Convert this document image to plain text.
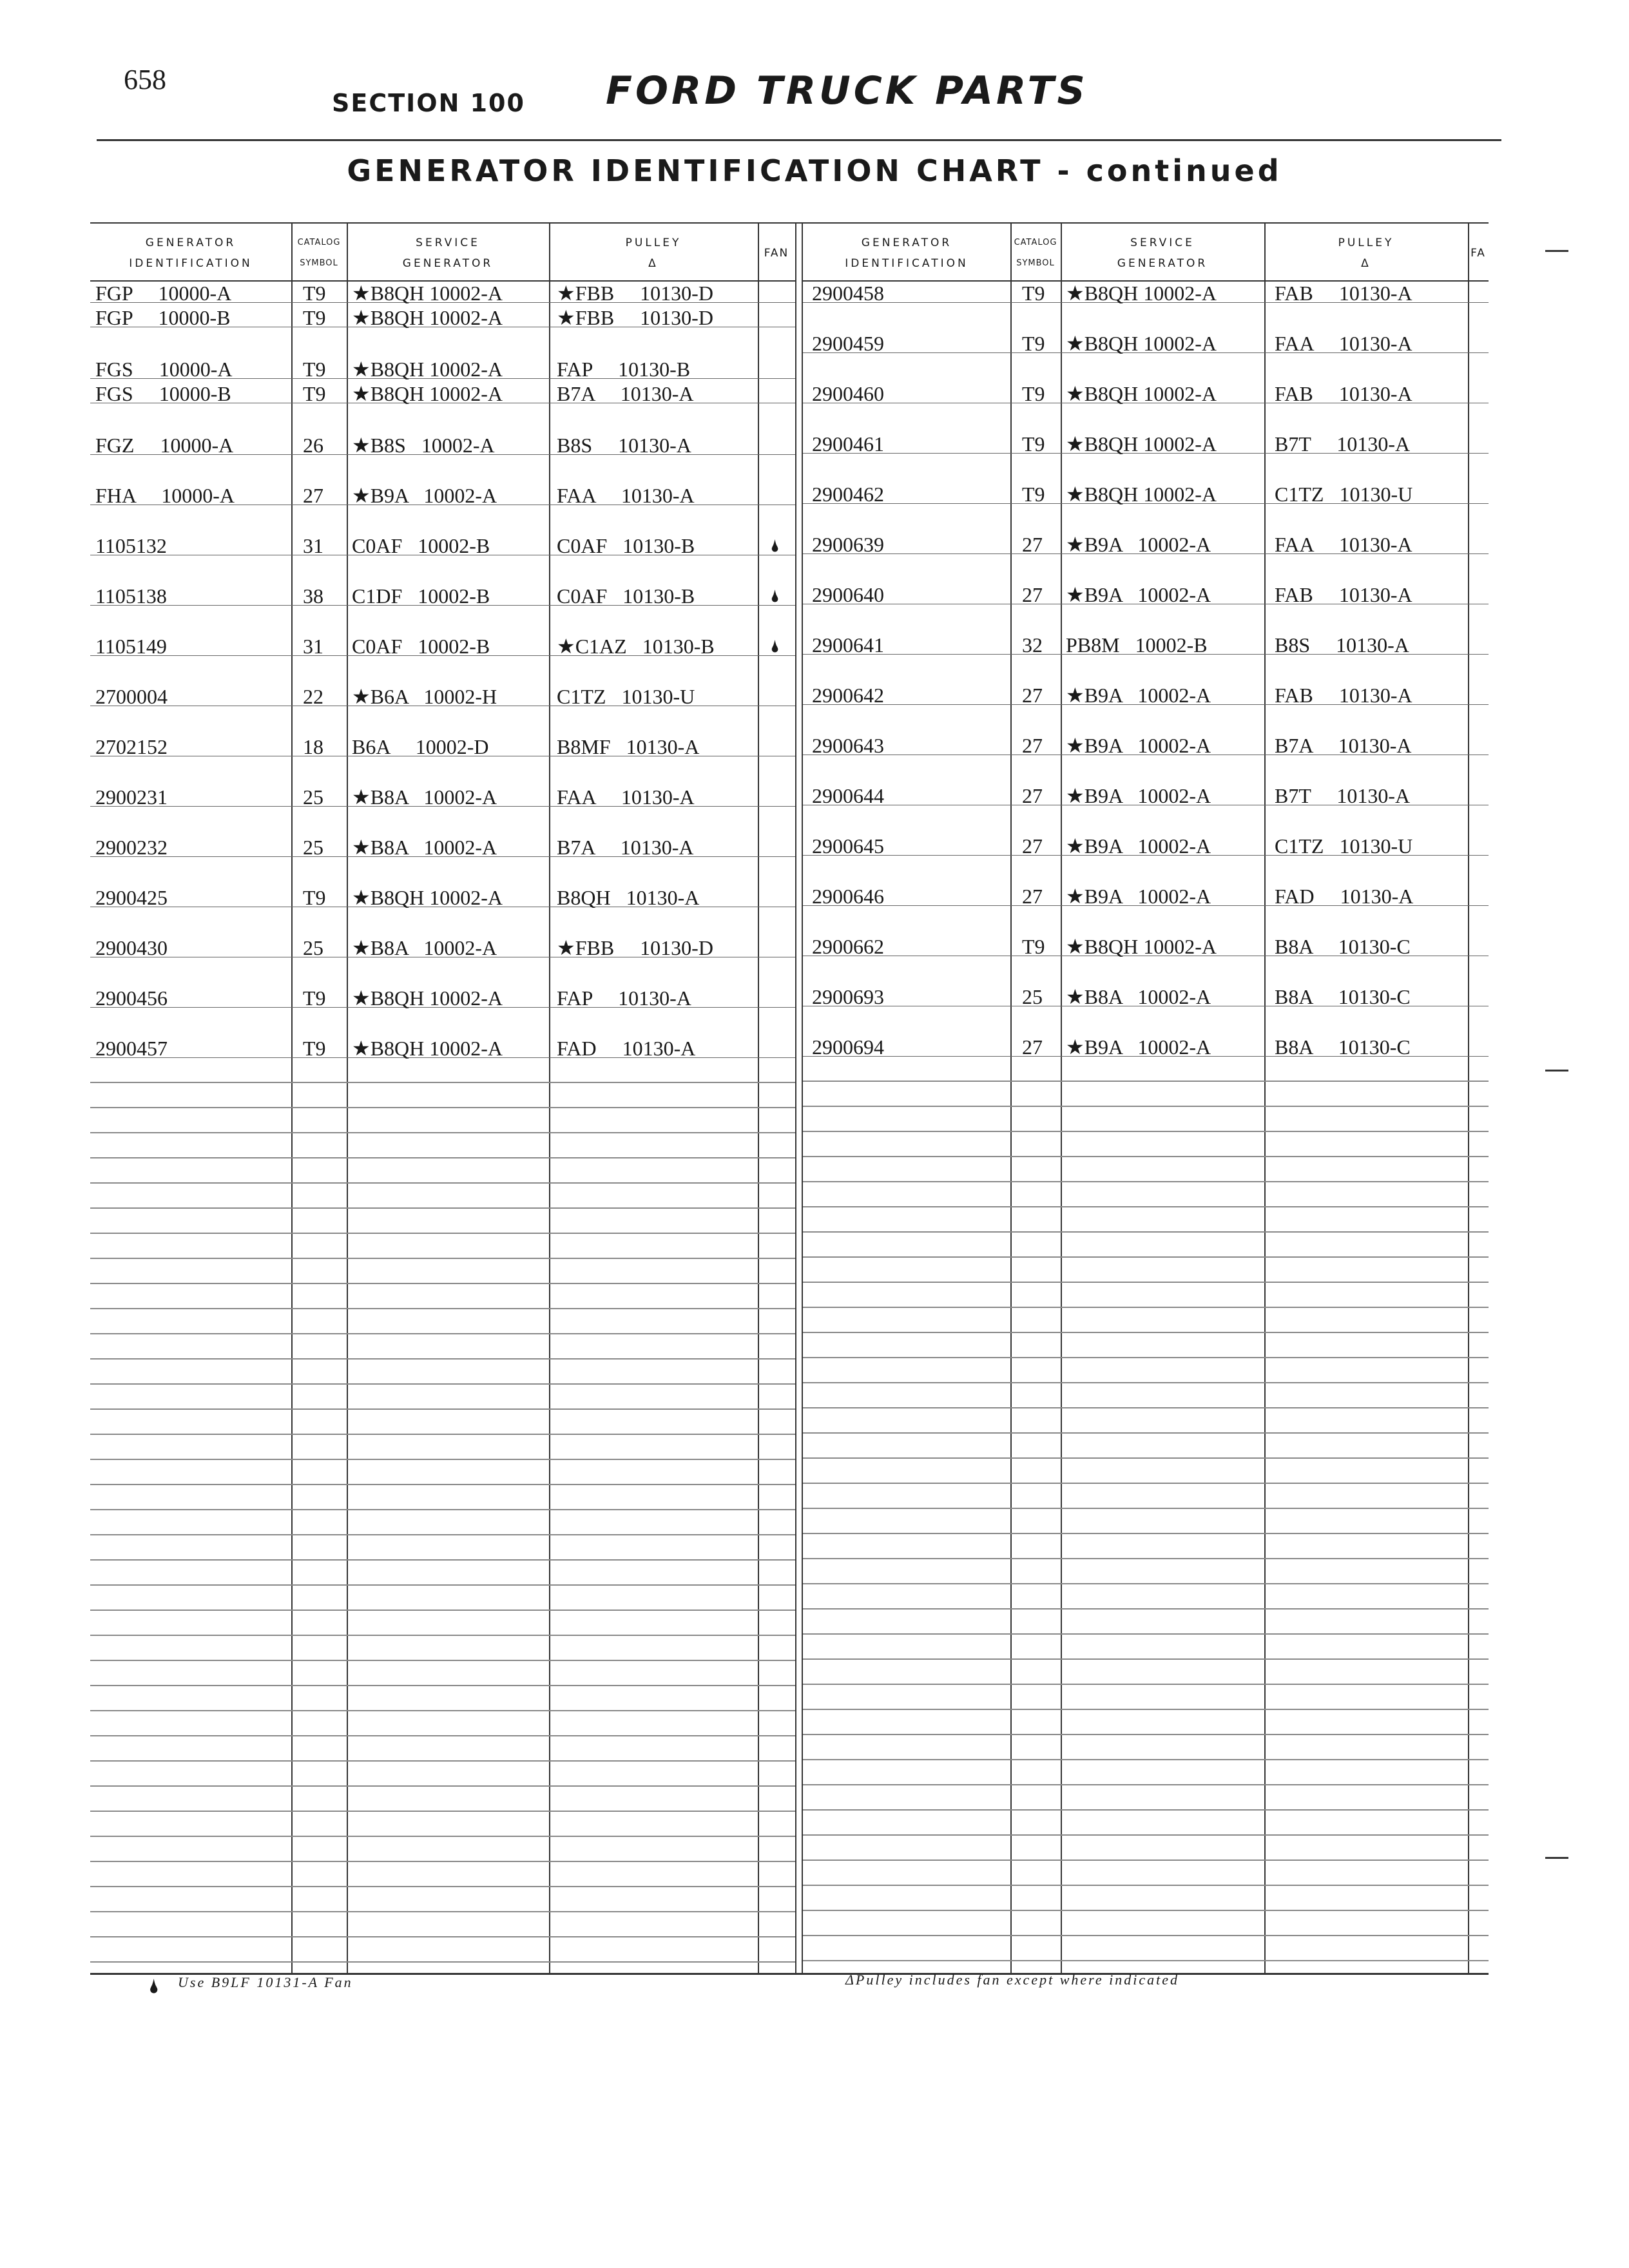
658
SECTION 100 FORD TRUCK PARTS
GENERATOR IDENTIFICATION CHART - continued
GENERATOR
IDENTIFICATION
CATALOG
SYMBOL
SERVICE
GENERATOR
PULLEY
Δ
FAN
FGP     10000-A	T9 ★B8QH 10002-A	★FBB     10130-D
FGP     10000-B	T9 ★B8QH 10002-A	★FBB     10130-D
FGS     10000-A	T9 ★B8QH 10002-A	FAP     10130-B
FGS     10000-B	T9 ★B8QH 10002-A	B7A     10130-A
FGZ     10000-A	26 ★B8S   10002-A	B8S     10130-A
FHA     10000-A	27 ★B9A   10002-A	FAA     10130-A
1105132	31 C0AF   10002-B	C0AF   10130-B	🌢
1105138	38 C1DF   10002-B	C0AF   10130-B	🌢
1105149	31 C0AF   10002-B	★C1AZ   10130-B	🌢
2700004	22 ★B6A   10002-H	C1TZ   10130-U
2702152	18 B6A     10002-D	B8MF   10130-A
2900231	25 ★B8A   10002-A	FAA     10130-A
2900232	25 ★B8A   10002-A	B7A     10130-A
2900425	T9 ★B8QH 10002-A	B8QH   10130-A
2900430	25 ★B8A   10002-A	★FBB     10130-D
2900456	T9 ★B8QH 10002-A	FAP     10130-A
2900457	T9 ★B8QH 10002-A	FAD     10130-A
GENERATOR
IDENTIFICATION
CATALOG
SYMBOL
SERVICE
GENERATOR
PULLEY
Δ
FA
2900458	T9 ★B8QH 10002-A	FAB     10130-A
2900459	T9 ★B8QH 10002-A	FAA     10130-A
2900460	T9 ★B8QH 10002-A	FAB     10130-A
2900461	T9 ★B8QH 10002-A	B7T     10130-A
2900462	T9 ★B8QH 10002-A	C1TZ   10130-U
2900639	27 ★B9A   10002-A	FAA     10130-A
2900640	27 ★B9A   10002-A	FAB     10130-A
2900641	32 PB8M   10002-B	B8S     10130-A
2900642	27 ★B9A   10002-A	FAB     10130-A
2900643	27 ★B9A   10002-A	B7A     10130-A
2900644	27 ★B9A   10002-A	B7T     10130-A
2900645	27 ★B9A   10002-A	C1TZ   10130-U
2900646	27 ★B9A   10002-A	FAD     10130-A
2900662	T9 ★B8QH 10002-A	B8A     10130-C
2900693	25 ★B8A   10002-A	B8A     10130-C
2900694	27 ★B9A   10002-A	B8A     10130-C
🌢 Use B9LF 10131-A Fan	ΔPulley includes fan except where indicated
